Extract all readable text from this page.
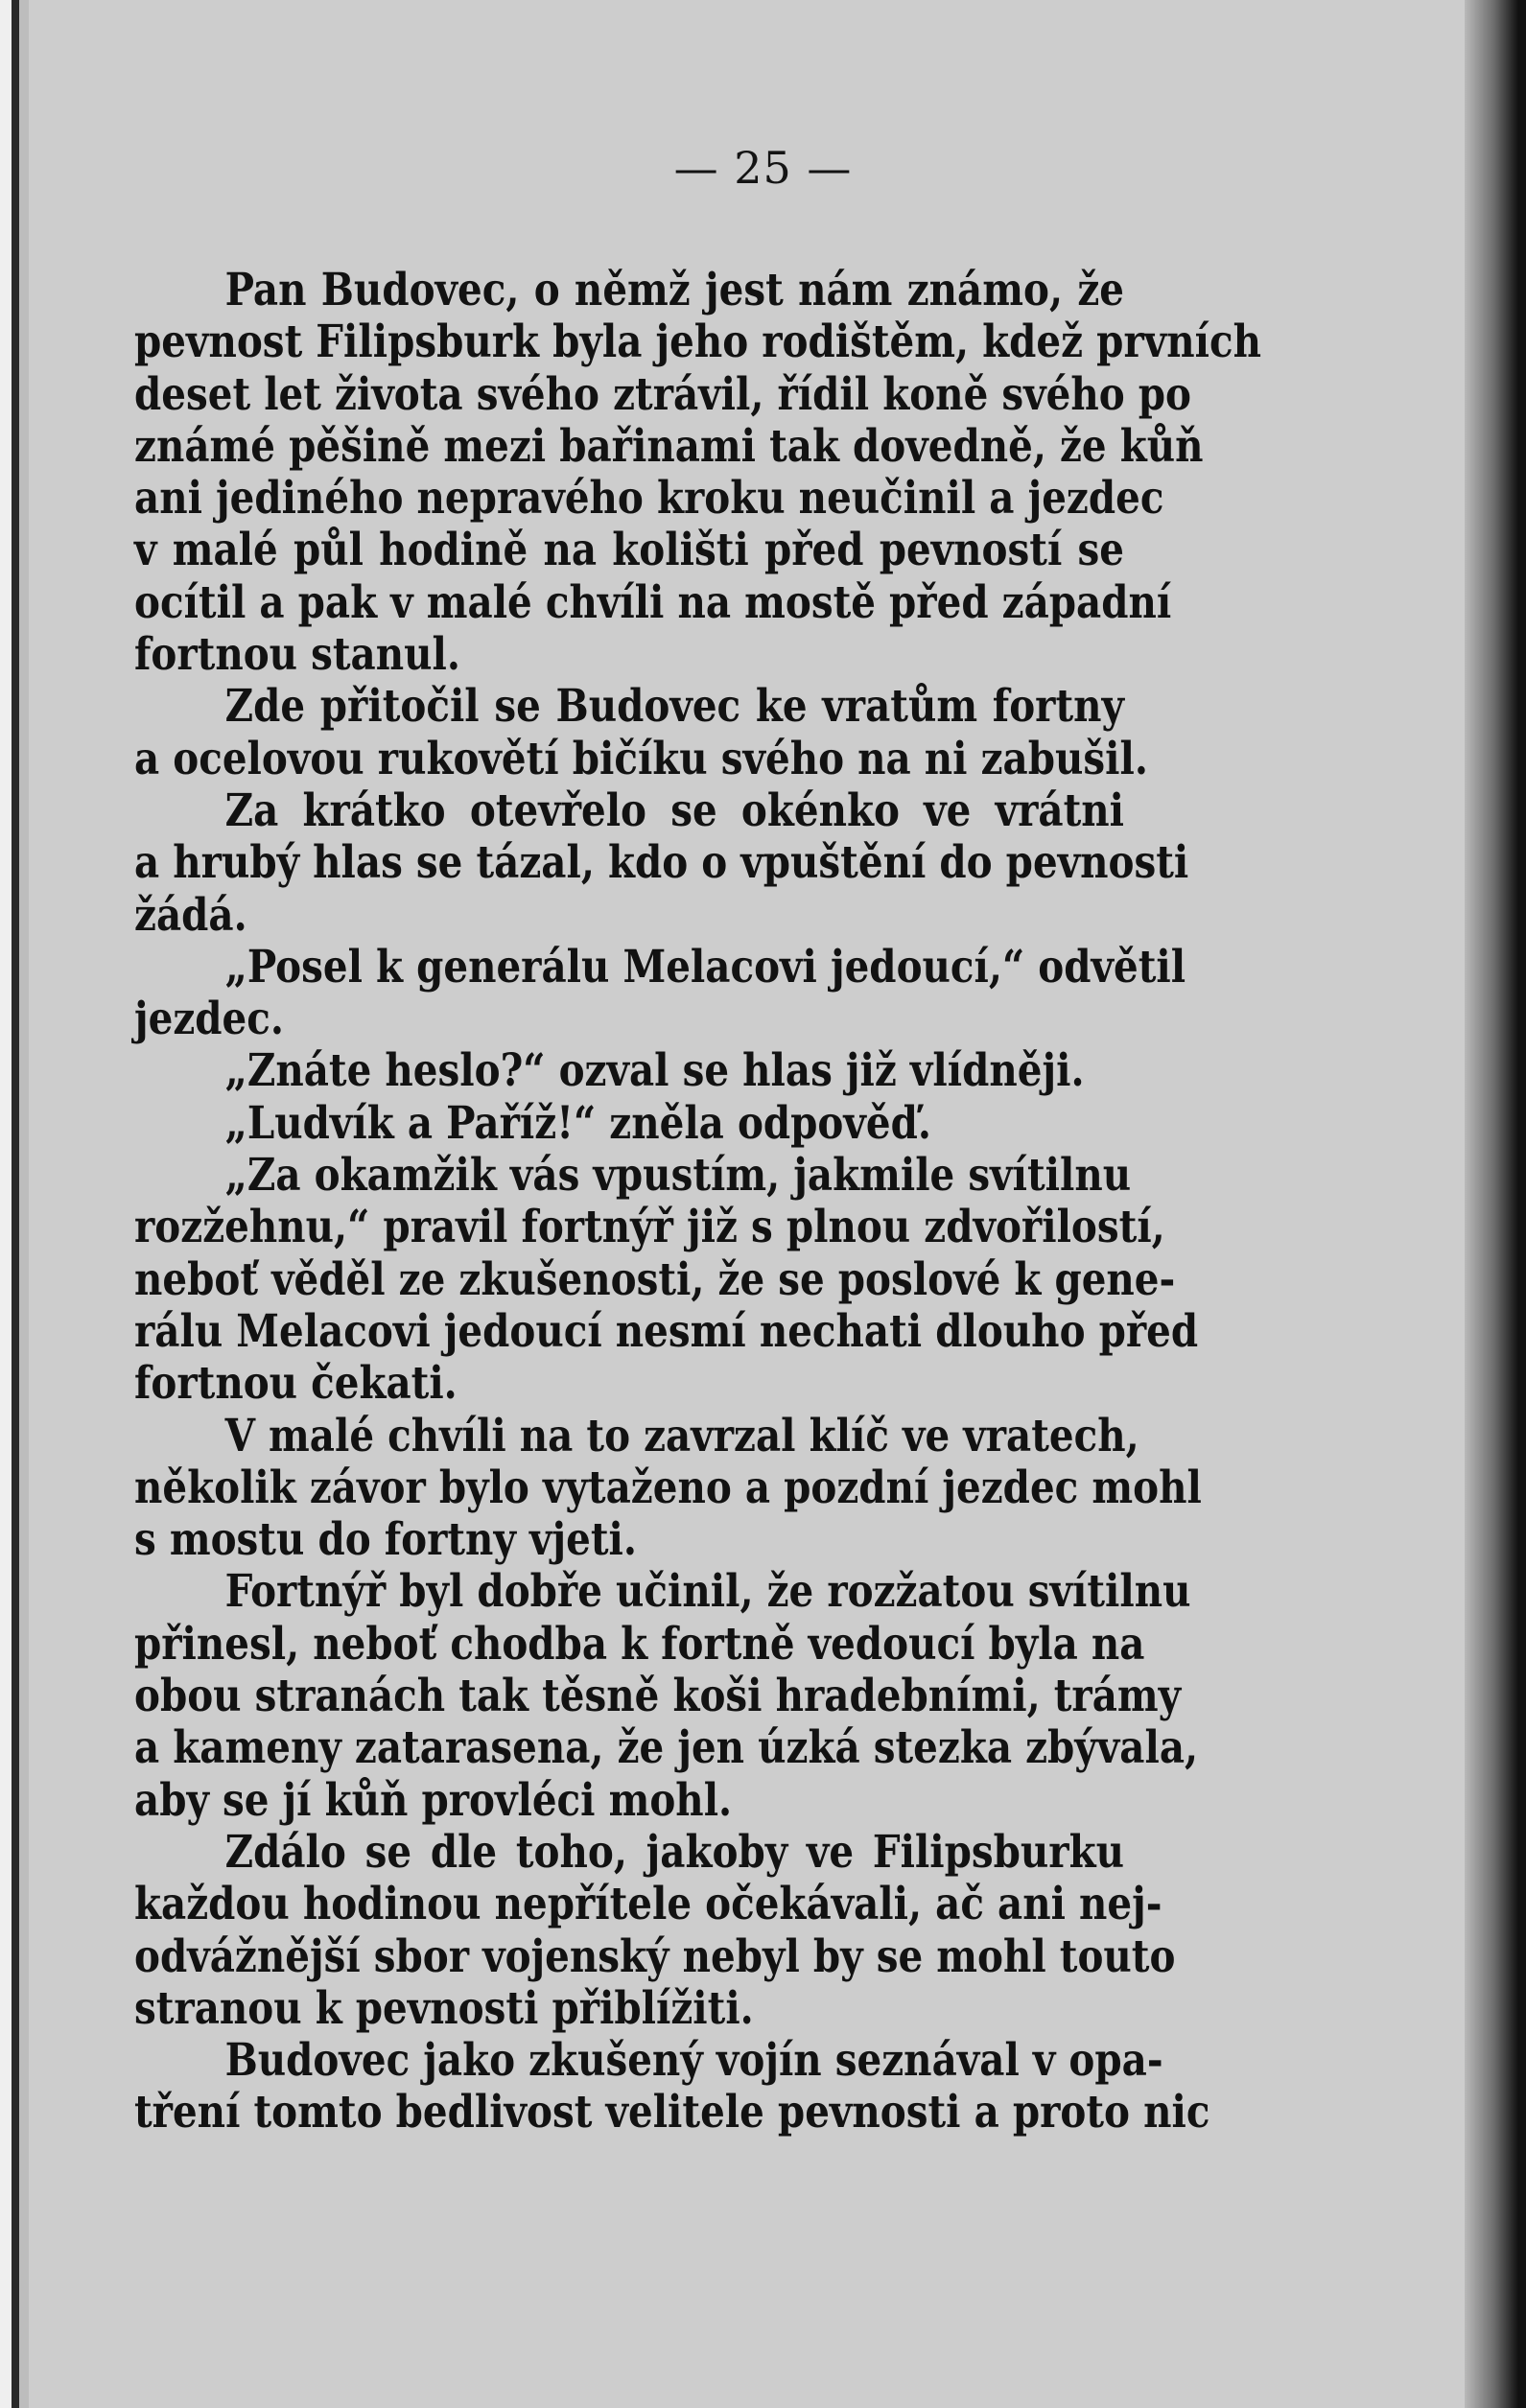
— 25 —
Pan Budovec, o němž jest nám známo, že
pevnost Filipsburk byla jeho rodištěm, kdež prvních
deset let života svého ztrávil, řídil koně svého po
známé pěšině mezi bařinami tak dovedně, že kůň
ani jediného nepravého kroku neučinil a jezdec
v malé půl hodině na kolišti před pevností se
ocítil a pak v malé chvíli na mostě před západní
fortnou stanul.
Zde přitočil se Budovec ke vratům fortny
a ocelovou rukovětí bičíku svého na ni zabušil.
Za krátko otevřelo se okénko ve vrátni
a hrubý hlas se tázal, kdo o vpuštění do pevnosti
žádá.
„Posel k generálu Melacovi jedoucí,“ odvětil
jezdec.
„Znáte heslo?“ ozval se hlas již vlídněji.
„Ludvík a Paříž!“ zněla odpověď.
„Za okamžik vás vpustím, jakmile svítilnu
rozžehnu,“ pravil fortnýř již s plnou zdvořilostí,
neboť věděl ze zkušenosti, že se poslové k gene-
rálu Melacovi jedoucí nesmí nechati dlouho před
fortnou čekati.
V malé chvíli na to zavrzal klíč ve vratech,
několik závor bylo vytaženo a pozdní jezdec mohl
s mostu do fortny vjeti.
Fortnýř byl dobře učinil, že rozžatou svítilnu
přinesl, neboť chodba k fortně vedoucí byla na
obou stranách tak těsně koši hradebními, trámy
a kameny zatarasena, že jen úzká stezka zbývala,
aby se jí kůň provléci mohl.
Zdálo se dle toho, jakoby ve Filipsburku
každou hodinou nepřítele očekávali, ač ani nej-
odvážnější sbor vojenský nebyl by se mohl touto
stranou k pevnosti přiblížiti.
Budovec jako zkušený vojín seznával v opa-
tření tomto bedlivost velitele pevnosti a proto nic
